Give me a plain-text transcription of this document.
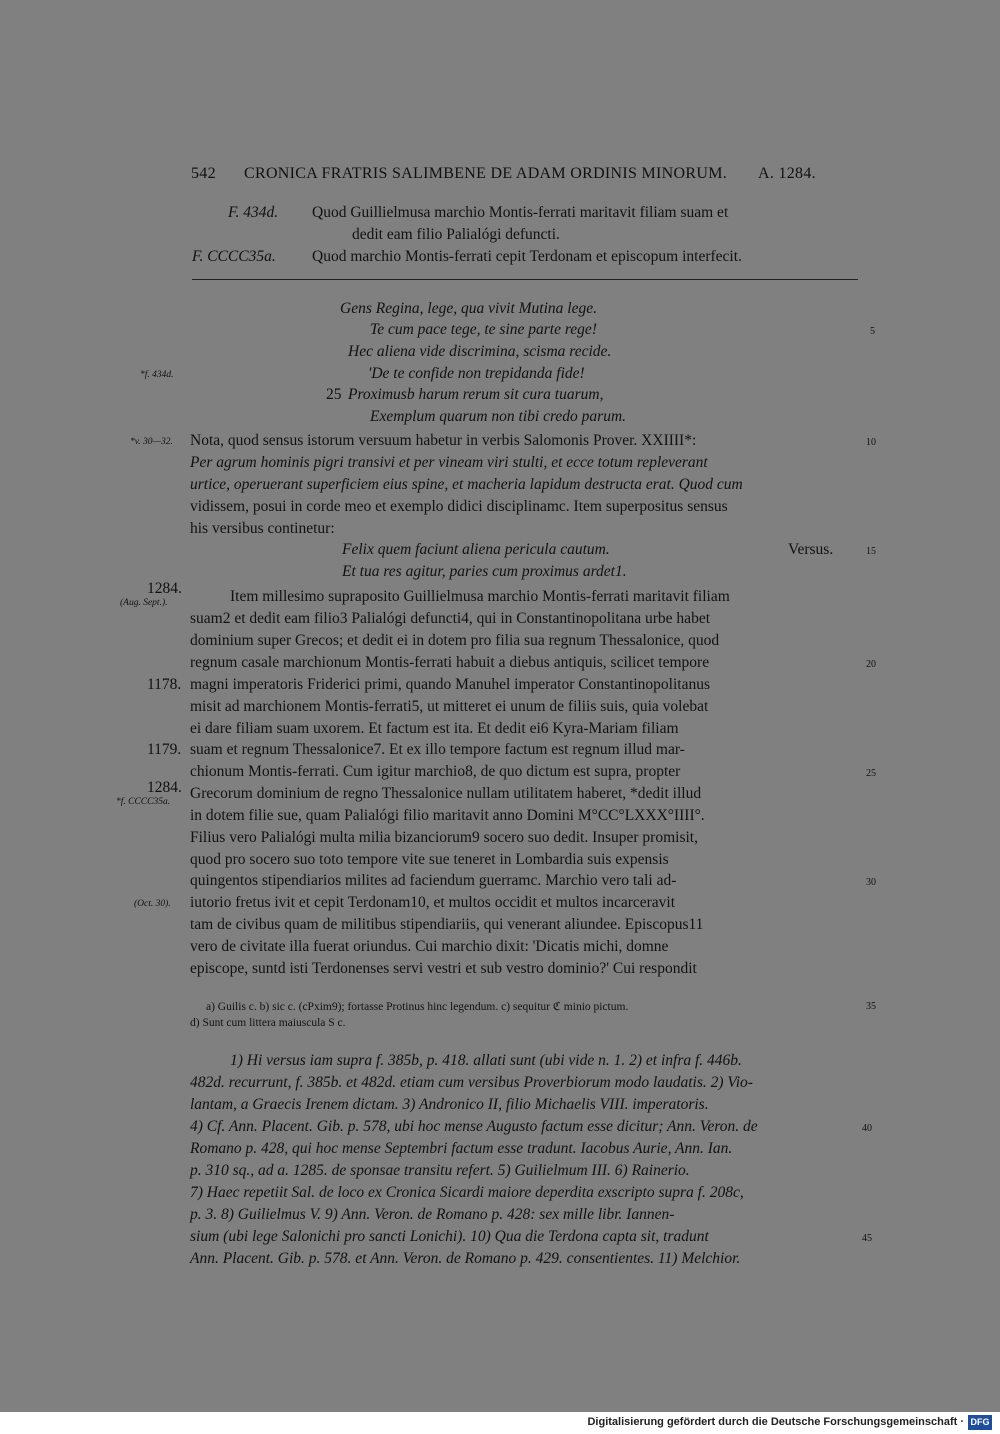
542 CRONICA FRATRIS SALIMBENE DE ADAM ORDINIS MINORUM. A. 1284.
F. 434d. Quod Guillielmusa marchio Montis-ferrati maritavit filiam suam et
dedit eam filio Palialógi defuncti.
F. CCCC35a. Quod marchio Montis-ferrati cepit Terdonam et episcopum interfecit.
Gens Regina, lege, qua vivit Mutina lege.
Te cum pace tege, te sine parte rege!
Hec aliena vide discrimina, scisma recide.
'De te confide non trepidanda fide!
Proximusb harum rerum sit cura tuarum,
Exemplum quarum non tibi credo parum.
*f. 434d.
25
Nota, quod sensus istorum versuum habetur in verbis Salomonis Prover. XXIIII*:
Per agrum hominis pigri transivi et per vineam viri stulti, et ecce totum repleverant
urtice, operuerant superficiem eius spine, et macheria lapidum destructa erat. Quod cum
vidissem, posui in corde meo et exemplo didici disciplinamc. Item superpositus sensus
his versibus continetur:
Felix quem faciunt aliena pericula cautum.	Versus.
Et tua res agitur, paries cum proximus ardet1.
Item millesimo supraposito Guillielmusa marchio Montis-ferrati maritavit filiam
suam2 et dedit eam filio3 Palialógi defuncti4, qui in Constantinopolitana urbe habet
dominium super Grecos; et dedit ei in dotem pro filia sua regnum Thessalonice, quod
regnum casale marchionum Montis-ferrati habuit a diebus antiquis, scilicet tempore
magni imperatoris Friderici primi, quando Manuhel imperator Constantinopolitanus
misit ad marchionem Montis-ferrati5, ut mitteret ei unum de filiis suis, quia volebat
ei dare filiam suam uxorem. Et factum est ita. Et dedit ei6 Kyra-Mariam filiam
suam et regnum Thessalonice7. Et ex illo tempore factum est regnum illud mar-
chionum Montis-ferrati. Cum igitur marchio8, de quo dictum est supra, propter
Grecorum dominium de regno Thessalonice nullam utilitatem haberet, *dedit illud
in dotem filie sue, quam Palialógi filio maritavit anno Domini M°CC°LXXX°IIII°.
Filius vero Palialógi multa milia bizanciorum9 socero suo dedit. Insuper promisit,
quod pro socero suo toto tempore vite sue teneret in Lombardia suis expensis
quingentos stipendiarios milites ad faciendum guerramc. Marchio vero tali ad-
iutorio fretus ivit et cepit Terdonam10, et multos occidit et multos incarceravit
tam de civibus quam de militibus stipendiariis, qui venerant aliundee. Episcopus11
vero de civitate illa fuerat oriundus. Cui marchio dixit: 'Dicatis michi, domne
episcope, suntd isti Terdonenses servi vestri et sub vestro dominio?' Cui respondit
*v. 30—32.
1284.
(Aug. Sept.).
1178.
1179.
1284.
*f. CCCC35a.
(Oct. 30).
5
10
15
20
25
30
a) Guilis c. b) sic c. (cPxim9); fortasse Protinus hinc legendum. c) sequitur ℭ minio pictum.
d) Sunt cum littera maiuscula S c.
35
1) Hi versus iam supra f. 385b, p. 418. allati sunt (ubi vide n. 1. 2) et infra f. 446b.
482d. recurrunt, f. 385b. et 482d. etiam cum versibus Proverbiorum modo laudatis. 2) Vio-
lantam, a Graecis Irenem dictam. 3) Andronico II, filio Michaelis VIII. imperatoris.
4) Cf. Ann. Placent. Gib. p. 578, ubi hoc mense Augusto factum esse dicitur; Ann. Veron. de
Romano p. 428, qui hoc mense Septembri factum esse tradunt. Iacobus Aurie, Ann. Ian.
p. 310 sq., ad a. 1285. de sponsae transitu refert. 5) Guilielmum III. 6) Rainerio.
7) Haec repetiit Sal. de loco ex Cronica Sicardi maiore deperdita exscripto supra f. 208c,
p. 3. 8) Guilielmus V. 9) Ann. Veron. de Romano p. 428: sex mille libr. Iannen-
sium (ubi lege Salonichi pro sancti Lonichi). 10) Qua die Terdona capta sit, tradunt
Ann. Placent. Gib. p. 578. et Ann. Veron. de Romano p. 429. consentientes. 11) Melchior.
40
45
Digitalisierung gefördert durch die Deutsche Forschungsgemeinschaft · DFG
